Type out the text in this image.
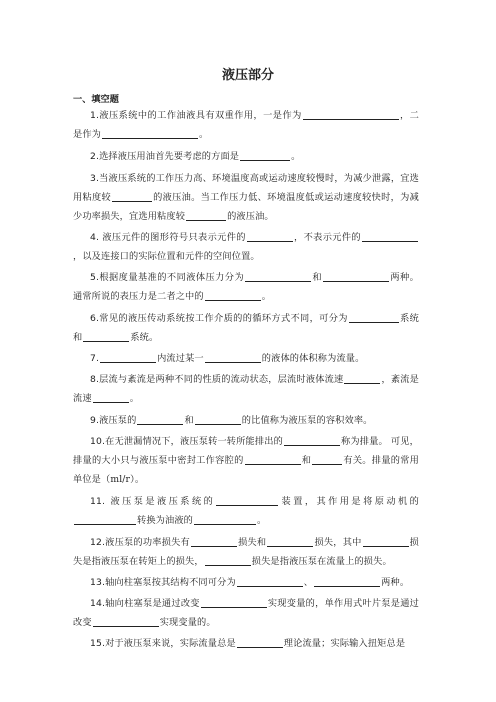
液压部分
一、填空题
1.液压系统中的工作油液具有双重作用，一是作为	，二是作为	。
2.选择液压用油首先要考虑的方面是	。
3.当液压系统的工作压力高、环境温度高或运动速度较慢时，为减少泄露，宜选用粘度较	的液压油。当工作压力低、环境温度低或运动速度较快时，为减少功率损失，宜选用粘度较	的液压油。
4. 液压元件的图形符号只表示元件的	，不表示元件的，以及连接口的实际位置和元件的空间位置。
5.根据度量基准的不同液体压力分为	和	两种。通常所说的表压力是二者之中的	。
6.常见的液压传动系统按工作介质的的循环方式不同，可分为	系统和	系统。
7.	内流过某一	的液体的体积称为流量。
8.层流与紊流是两种不同的性质的流动状态，层流时液体流速	，紊流是流速	。
9.液压泵的	和	的比值称为液压泵的容积效率。
10.在无泄漏情况下，液压泵转一转所能排出的	称为排量。 可见，排量的大小只与液压泵中密封工作容腔的	和	有关。排量的常用单位是（ml/r）。
11. 液压泵是液压系统的	装置，其作用是将原动机的转换为油液的	。
12.液压泵的功率损失有	损失和	损失，其中	损失是指液压泵在转矩上的损失，	损失是指液压泵在流量上的损失。
13.轴向柱塞泵按其结构不同可分为	、	两种。
14.轴向柱塞泵是通过改变	实现变量的，单作用式叶片泵是通过改变	实现变量的。
15.对于液压泵来说，实际流量总是	理论流量；实际输入扭矩总是
